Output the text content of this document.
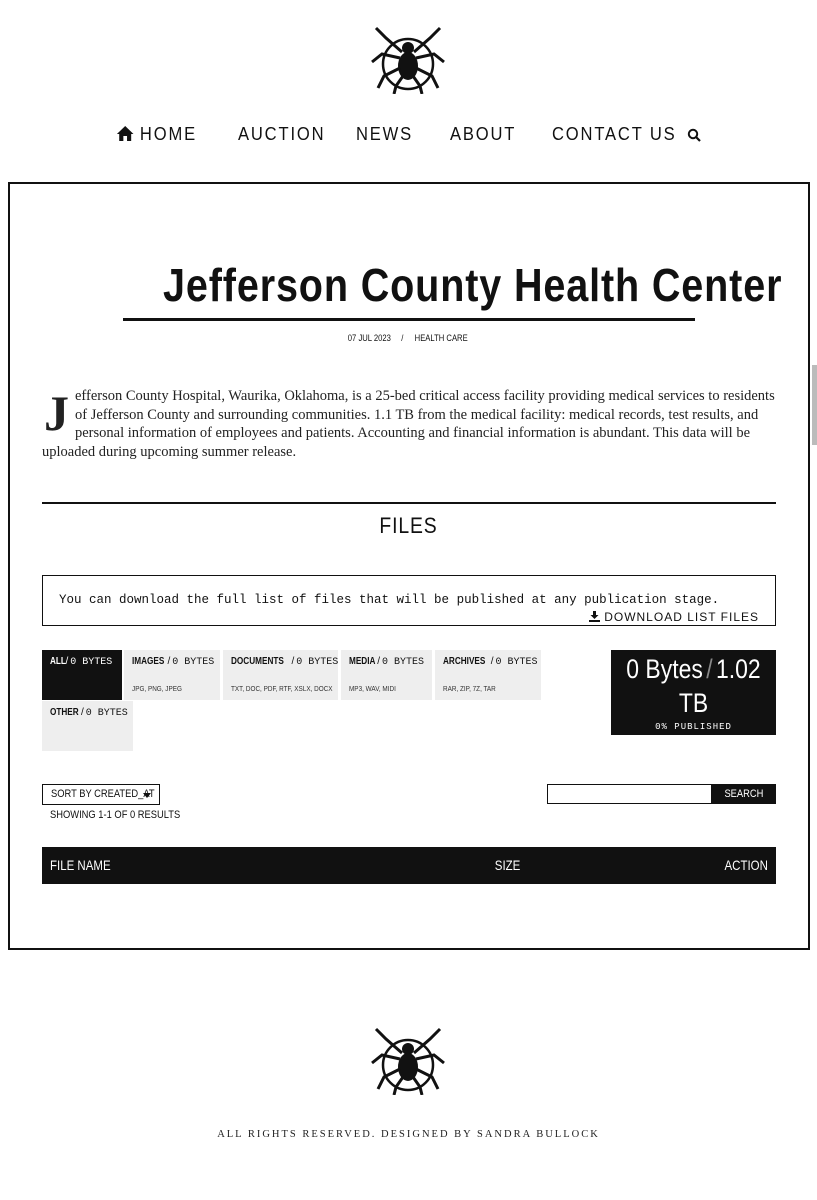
HOME AUCTION NEWS ABOUT CONTACT US
Jefferson County Health Center
07 JUL 2023 / HEALTH CARE
Jefferson County Hospital, Waurika, Oklahoma, is a 25-bed critical access facility providing medical services to residents of Jefferson County and surrounding communities. 1.1 TB from the medical facility: medical records, test results, and personal information of employees and patients. Accounting and financial information is abundant. This data will be uploaded during upcoming summer release.
FILES
You can download the full list of files that will be published at any publication stage.
DOWNLOAD LIST FILES
ALL/ 0 BYTES IMAGES / 0 BYTES
JPG, PNG, JPEG
DOCUMENTS / 0 BYTES
TXT, DOC, PDF, RTF, XSLX, DOCX
MEDIA / 0 BYTES
MP3, WAV, MIDI
ARCHIVES / 0 BYTES
RAR, ZIP, 7Z, TAR
OTHER / 0 BYTES
0 Bytes / 1.02 TB
0% PUBLISHED
SORT BY CREATED_AT
SHOWING 1-1 OF 0 RESULTS
SEARCH
FILE NAME	SIZE	ACTION
ALL RIGHTS RESERVED. DESIGNED BY SANDRA BULLOCK
